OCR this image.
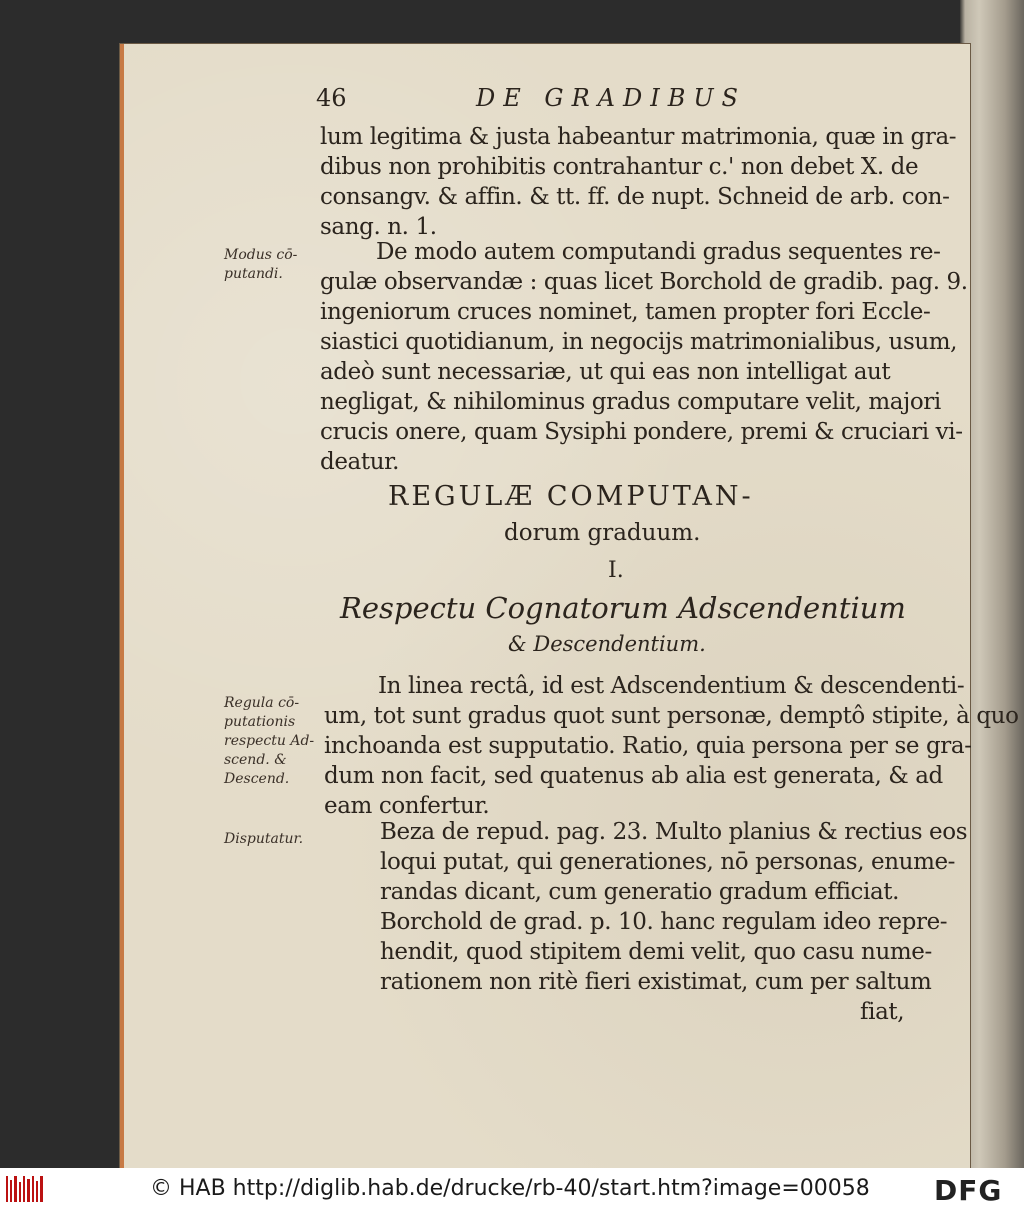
46	DE GRADIBUS
lum legitima & justa habeantur matrimonia, quæ in gra-
dibus non prohibitis contrahantur c.' non debet X. de
consangv. & affin. & tt. ff. de nupt. Schneid de arb. con-
sang. n. 1.
Modus cō-
putandi.
De modo autem computandi gradus sequentes re-
gulæ observandæ : quas licet Borchold de gradib. pag. 9.
ingeniorum cruces nominet, tamen propter fori Eccle-
siastici quotidianum, in negocijs matrimonialibus, usum,
adeò sunt necessariæ, ut qui eas non intelligat aut
negligat, & nihilominus gradus computare velit, majori
crucis onere, quam Sysiphi pondere, premi & cruciari vi-
deatur.
REGULÆ COMPUTAN-
dorum graduum.
I.
Respectu Cognatorum Adscendentium
& Descendentium.
Regula cō-
putationis
respectu Ad-
scend. &
Descend.
In linea rectâ, id est Adscendentium & descendenti-
um, tot sunt gradus quot sunt personæ, demptô stipite, à quo
inchoanda est supputatio. Ratio, quia persona per se gra-
dum non facit, sed quatenus ab alia est generata, & ad
eam confertur.
Disputatur.	Beza de repud. pag. 23. Multo planius & rectius eos
loqui putat, qui generationes, nō personas, enume-
randas dicant, cum generatio gradum efficiat.
Borchold de grad. p. 10. hanc regulam ideo repre-
hendit, quod stipitem demi velit, quo casu nume-
rationem non ritè fieri existimat, cum per saltum
fiat,
© HAB http://diglib.hab.de/drucke/rb-40/start.htm?image=00058 DFG
